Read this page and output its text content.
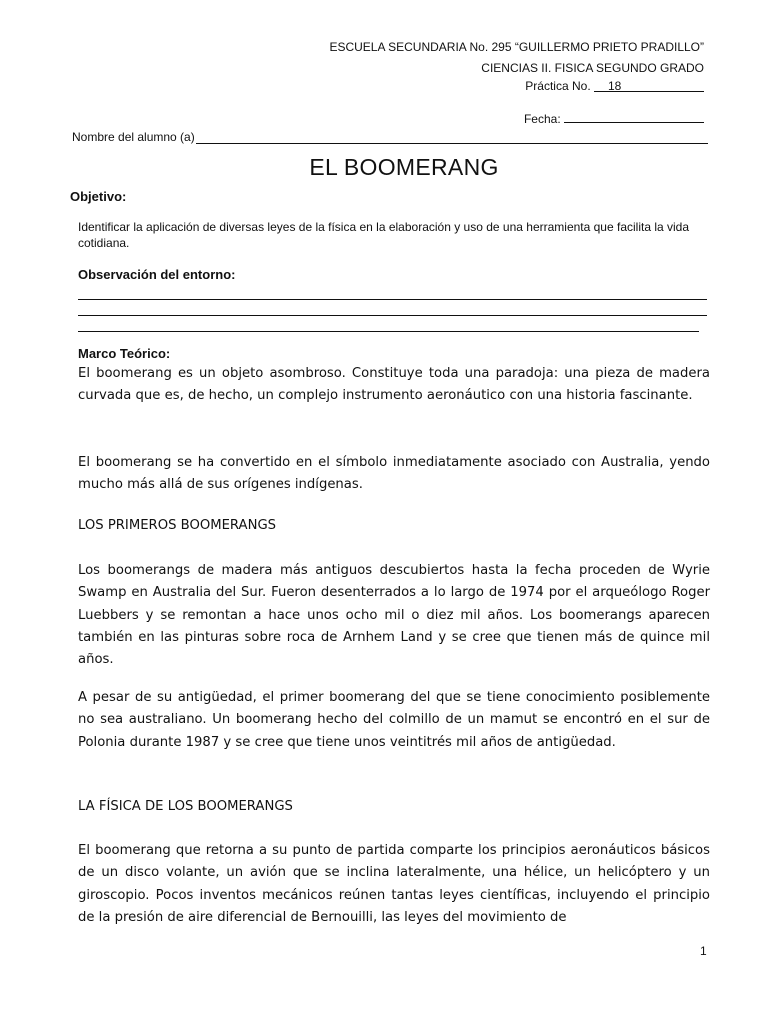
ESCUELA SECUNDARIA No. 295 “GUILLERMO PRIETO PRADILLO”
CIENCIAS II. FISICA SEGUNDO GRADO
Práctica No. 18
Fecha:
Nombre del alumno (a)
EL BOOMERANG
Objetivo:
Identificar la aplicación de diversas leyes de la física en la elaboración y uso de una herramienta que facilita la vida cotidiana.
Observación del entorno:
Marco Teórico:
El boomerang es un objeto asombroso. Constituye toda una paradoja: una pieza de madera curvada que es, de hecho, un complejo instrumento aeronáutico con una historia fascinante.
El boomerang se ha convertido en el símbolo inmediatamente asociado con Australia, yendo mucho más allá de sus orígenes indígenas.
LOS PRIMEROS BOOMERANGS
Los boomerangs de madera más antiguos descubiertos hasta la fecha proceden de Wyrie Swamp en Australia del Sur. Fueron desenterrados a lo largo de 1974 por el arqueólogo Roger Luebbers y se remontan a hace unos ocho mil o diez mil años. Los boomerangs aparecen también en las pinturas sobre roca de Arnhem Land y se cree que tienen más de quince mil años.
A pesar de su antigüedad, el primer boomerang del que se tiene conocimiento posiblemente no sea australiano. Un boomerang hecho del colmillo de un mamut se encontró en el sur de Polonia durante 1987 y se cree que tiene unos veintitrés mil años de antigüedad.
LA FÍSICA DE LOS BOOMERANGS
El boomerang que retorna a su punto de partida comparte los principios aeronáuticos básicos de un disco volante, un avión que se inclina lateralmente, una hélice, un helicóptero y un giroscopio. Pocos inventos mecánicos reúnen tantas leyes científicas, incluyendo el principio de la presión de aire diferencial de Bernouilli, las leyes del movimiento de
1
